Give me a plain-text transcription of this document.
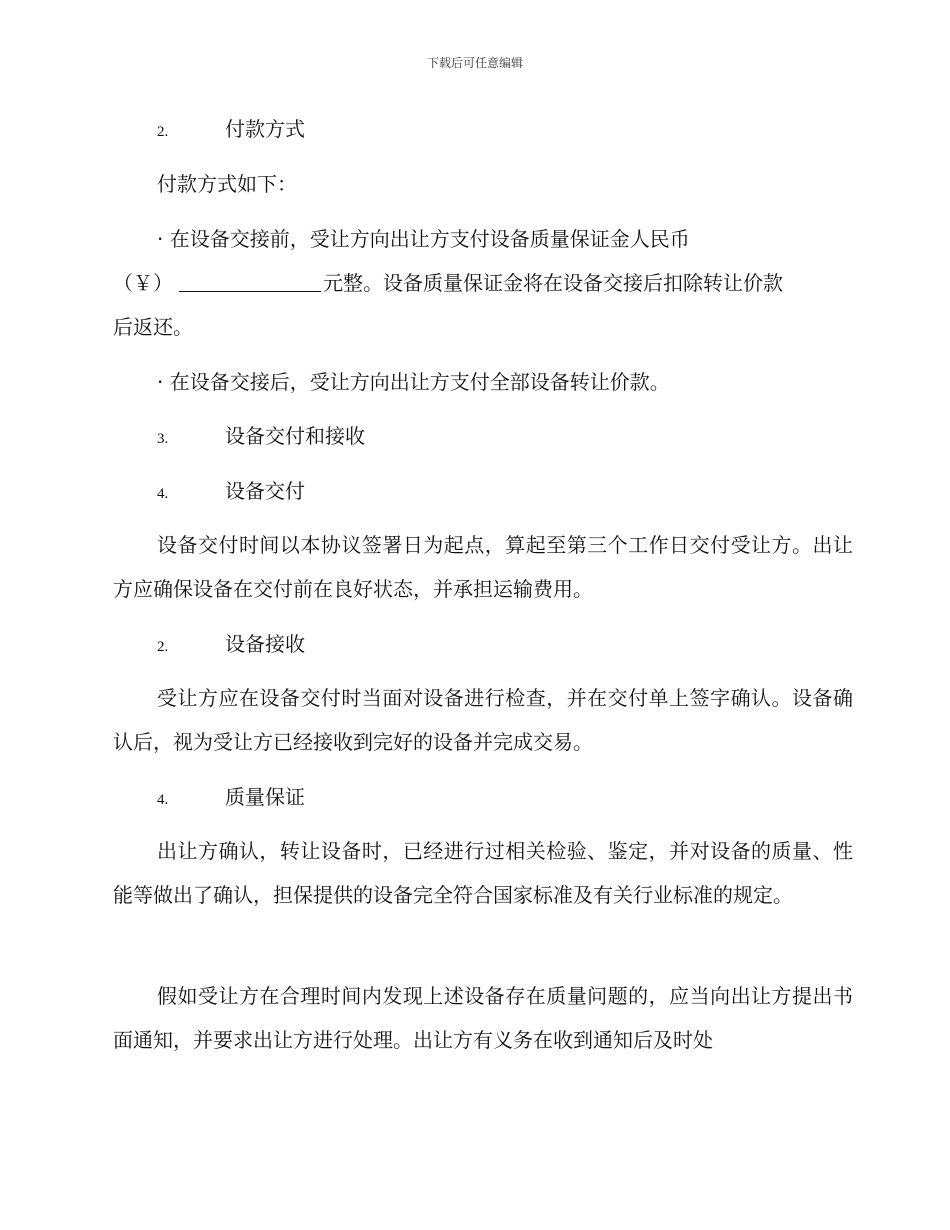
下载后可任意编辑
2.	付款方式
付款方式如下：
· 在设备交接前，受让方向出让方支付设备质量保证金人民币
（￥）	元整。设备质量保证金将在设备交接后扣除转让价款
后返还。
· 在设备交接后，受让方向出让方支付全部设备转让价款。
3.	设备交付和接收
4.	设备交付
设备交付时间以本协议签署日为起点，算起至第三个工作日交付受让方。出让方应确保设备在交付前在良好状态，并承担运输费用。
2.	设备接收
受让方应在设备交付时当面对设备进行检查，并在交付单上签字确认。设备确认后，视为受让方已经接收到完好的设备并完成交易。
4.	质量保证
出让方确认，转让设备时，已经进行过相关检验、鉴定，并对设备的质量、性能等做出了确认，担保提供的设备完全符合国家标准及有关行业标准的规定。
假如受让方在合理时间内发现上述设备存在质量问题的，应当向出让方提出书面通知，并要求出让方进行处理。出让方有义务在收到通知后及时处
